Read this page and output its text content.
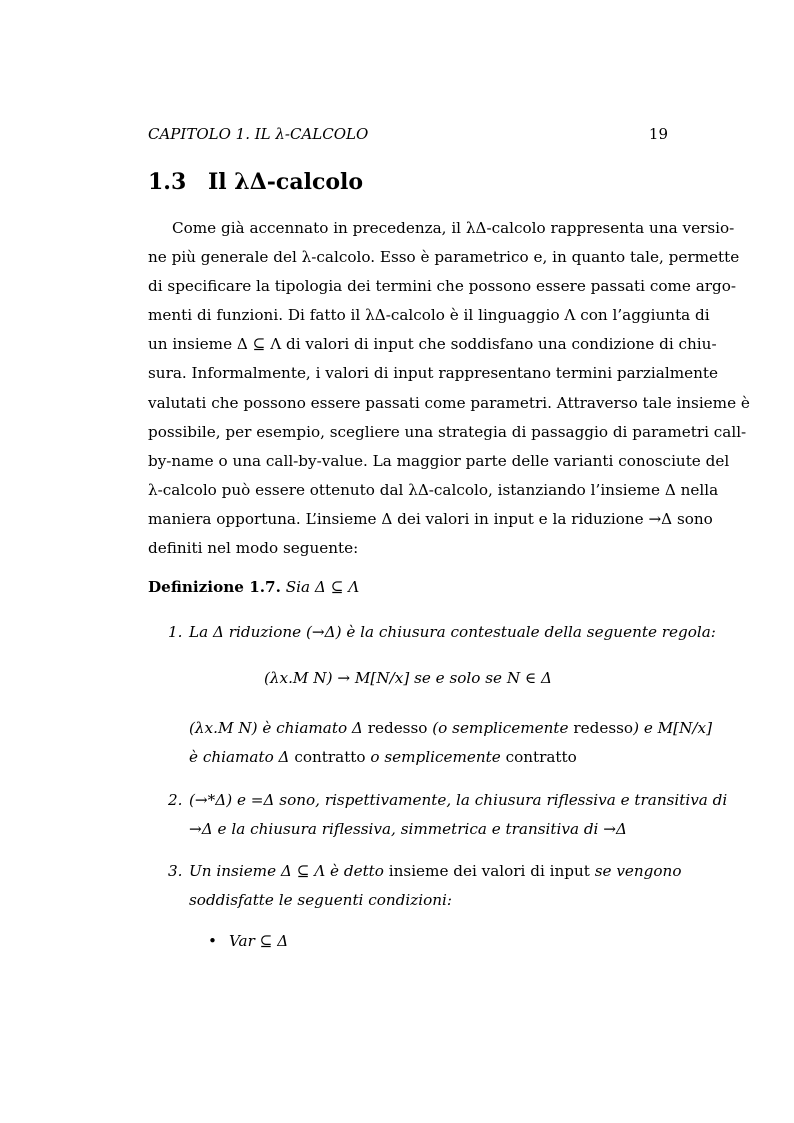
CAPITOLO 1. IL λ-CALCOLO	19
1.3 Il λΔ-calcolo
Come già accennato in precedenza, il λΔ-calcolo rappresenta una versio-
ne più generale del λ-calcolo. Esso è parametrico e, in quanto tale, permette
di specificare la tipologia dei termini che possono essere passati come argo-
menti di funzioni. Di fatto il λΔ-calcolo è il linguaggio Λ con l’aggiunta di
un insieme Δ ⊆ Λ di valori di input che soddisfano una condizione di chiu-
sura. Informalmente, i valori di input rappresentano termini parzialmente
valutati che possono essere passati come parametri. Attraverso tale insieme è
possibile, per esempio, scegliere una strategia di passaggio di parametri call-
by-name o una call-by-value. La maggior parte delle varianti conosciute del
λ-calcolo può essere ottenuto dal λΔ-calcolo, istanziando l’insieme Δ nella
maniera opportuna. L’insieme Δ dei valori in input e la riduzione →Δ sono
definiti nel modo seguente:
Definizione 1.7. Sia Δ ⊆ Λ
1. La Δ riduzione (→Δ) è la chiusura contestuale della seguente regola:
(λx.M N) → M[N/x] se e solo se N ∈ Δ
(λx.M N) è chiamato Δ redesso (o semplicemente redesso) e M[N/x]
è chiamato Δ contratto o semplicemente contratto
2. (→*Δ) e =Δ sono, rispettivamente, la chiusura riflessiva e transitiva di
→Δ e la chiusura riflessiva, simmetrica e transitiva di →Δ
3. Un insieme Δ ⊆ Λ è detto insieme dei valori di input se vengono
soddisfatte le seguenti condizioni:
• Var ⊆ Δ
